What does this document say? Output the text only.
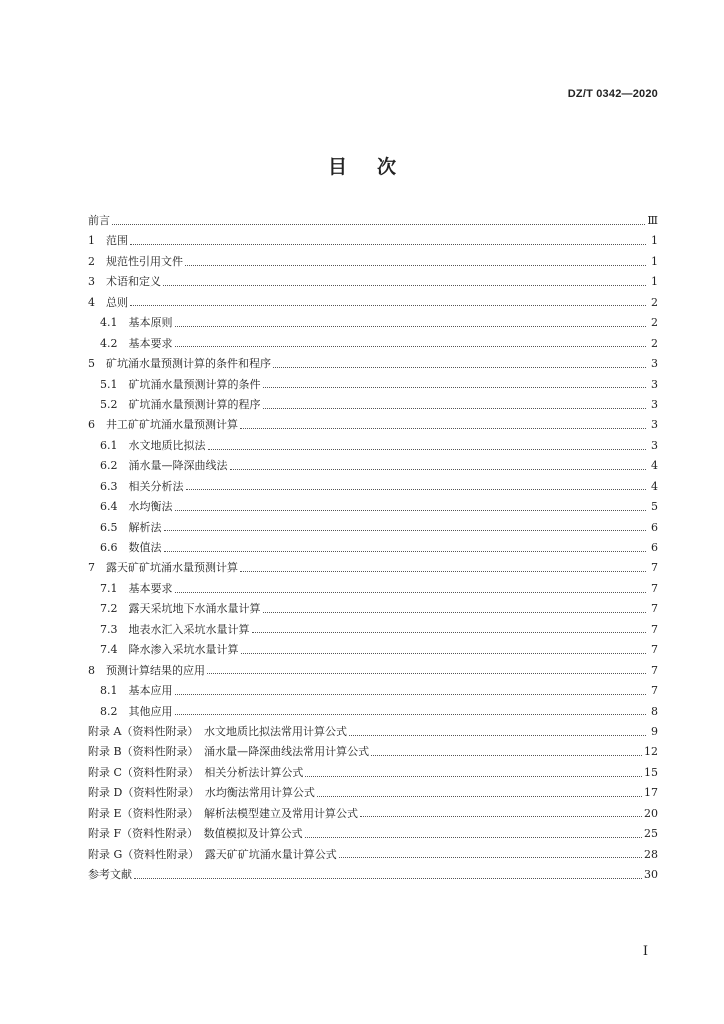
DZ/T 0342—2020
目次
前言	Ⅲ
1　范围	1
2　规范性引用文件	1
3　术语和定义	1
4　总则	2
4.1　基本原则	2
4.2　基本要求	2
5　矿坑涌水量预测计算的条件和程序	3
5.1　矿坑涌水量预测计算的条件	3
5.2　矿坑涌水量预测计算的程序	3
6　井工矿矿坑涌水量预测计算	3
6.1　水文地质比拟法	3
6.2　涌水量—降深曲线法	4
6.3　相关分析法	4
6.4　水均衡法	5
6.5　解析法	6
6.6　数值法	6
7　露天矿矿坑涌水量预测计算	7
7.1　基本要求	7
7.2　露天采坑地下水涌水量计算	7
7.3　地表水汇入采坑水量计算	7
7.4　降水渗入采坑水量计算	7
8　预测计算结果的应用	7
8.1　基本应用	7
8.2　其他应用	8
附录 A（资料性附录）　水文地质比拟法常用计算公式	9
附录 B（资料性附录）　涌水量—降深曲线法常用计算公式	12
附录 C（资料性附录）　相关分析法计算公式	15
附录 D（资料性附录）　水均衡法常用计算公式	17
附录 E（资料性附录）　解析法模型建立及常用计算公式	20
附录 F（资料性附录）　数值模拟及计算公式	25
附录 G（资料性附录）　露天矿矿坑涌水量计算公式	28
参考文献	30
Ⅰ
